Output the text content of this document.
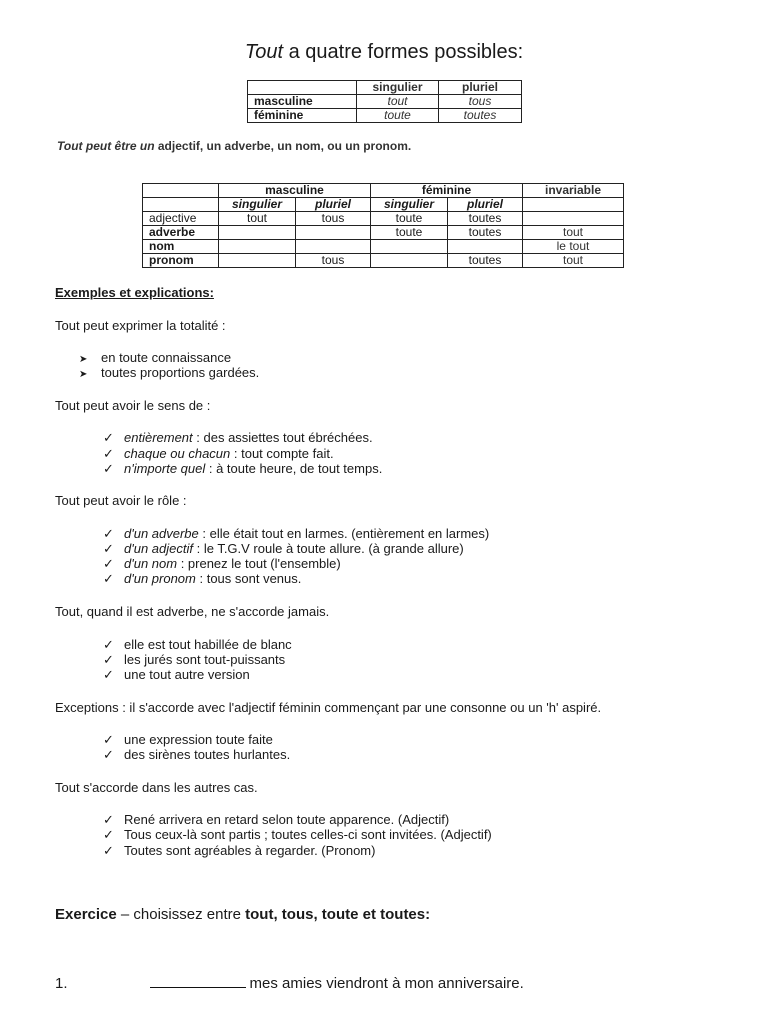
Tout a quatre formes possibles:
	singulier	pluriel
masculine	tout	tous
féminine	toute	toutes
Tout peut être un adjectif, un adverbe, un nom, ou un pronom.
	masculine		féminine		invariable
	singulier	pluriel	singulier	pluriel	
adjective	tout	tous	toute	toutes	
adverbe			toute	toutes	tout
nom					le tout
pronom		tous		toutes	tout
Exemples et explications:
Tout peut exprimer la totalité :
➤ en toute connaissance
➤ toutes proportions gardées.
Tout peut avoir le sens de :
✓ entièrement : des assiettes tout ébréchées.
✓ chaque ou chacun : tout compte fait.
✓ n'importe quel : à toute heure, de tout temps.
Tout peut avoir le rôle :
✓ d'un adverbe : elle était tout en larmes. (entièrement en larmes)
✓ d'un adjectif : le T.G.V roule à toute allure. (à grande allure)
✓ d'un nom : prenez le tout (l'ensemble)
✓ d'un pronom : tous sont venus.
Tout, quand il est adverbe, ne s'accorde jamais.
✓ elle est tout habillée de blanc
✓ les jurés sont tout-puissants
✓ une tout autre version
Exceptions : il s'accorde avec l'adjectif féminin commençant par une consonne ou un 'h' aspiré.
✓ une expression toute faite
✓ des sirènes toutes hurlantes.
Tout s'accorde dans les autres cas.
✓ René arrivera en retard selon toute apparence. (Adjectif)
✓ Tous ceux-là sont partis ; toutes celles-ci sont invitées. (Adjectif)
✓ Toutes sont agréables à regarder. (Pronom)
Exercice – choisissez entre tout, tous, toute et toutes:
1.	mes amies viendront à mon anniversaire.
